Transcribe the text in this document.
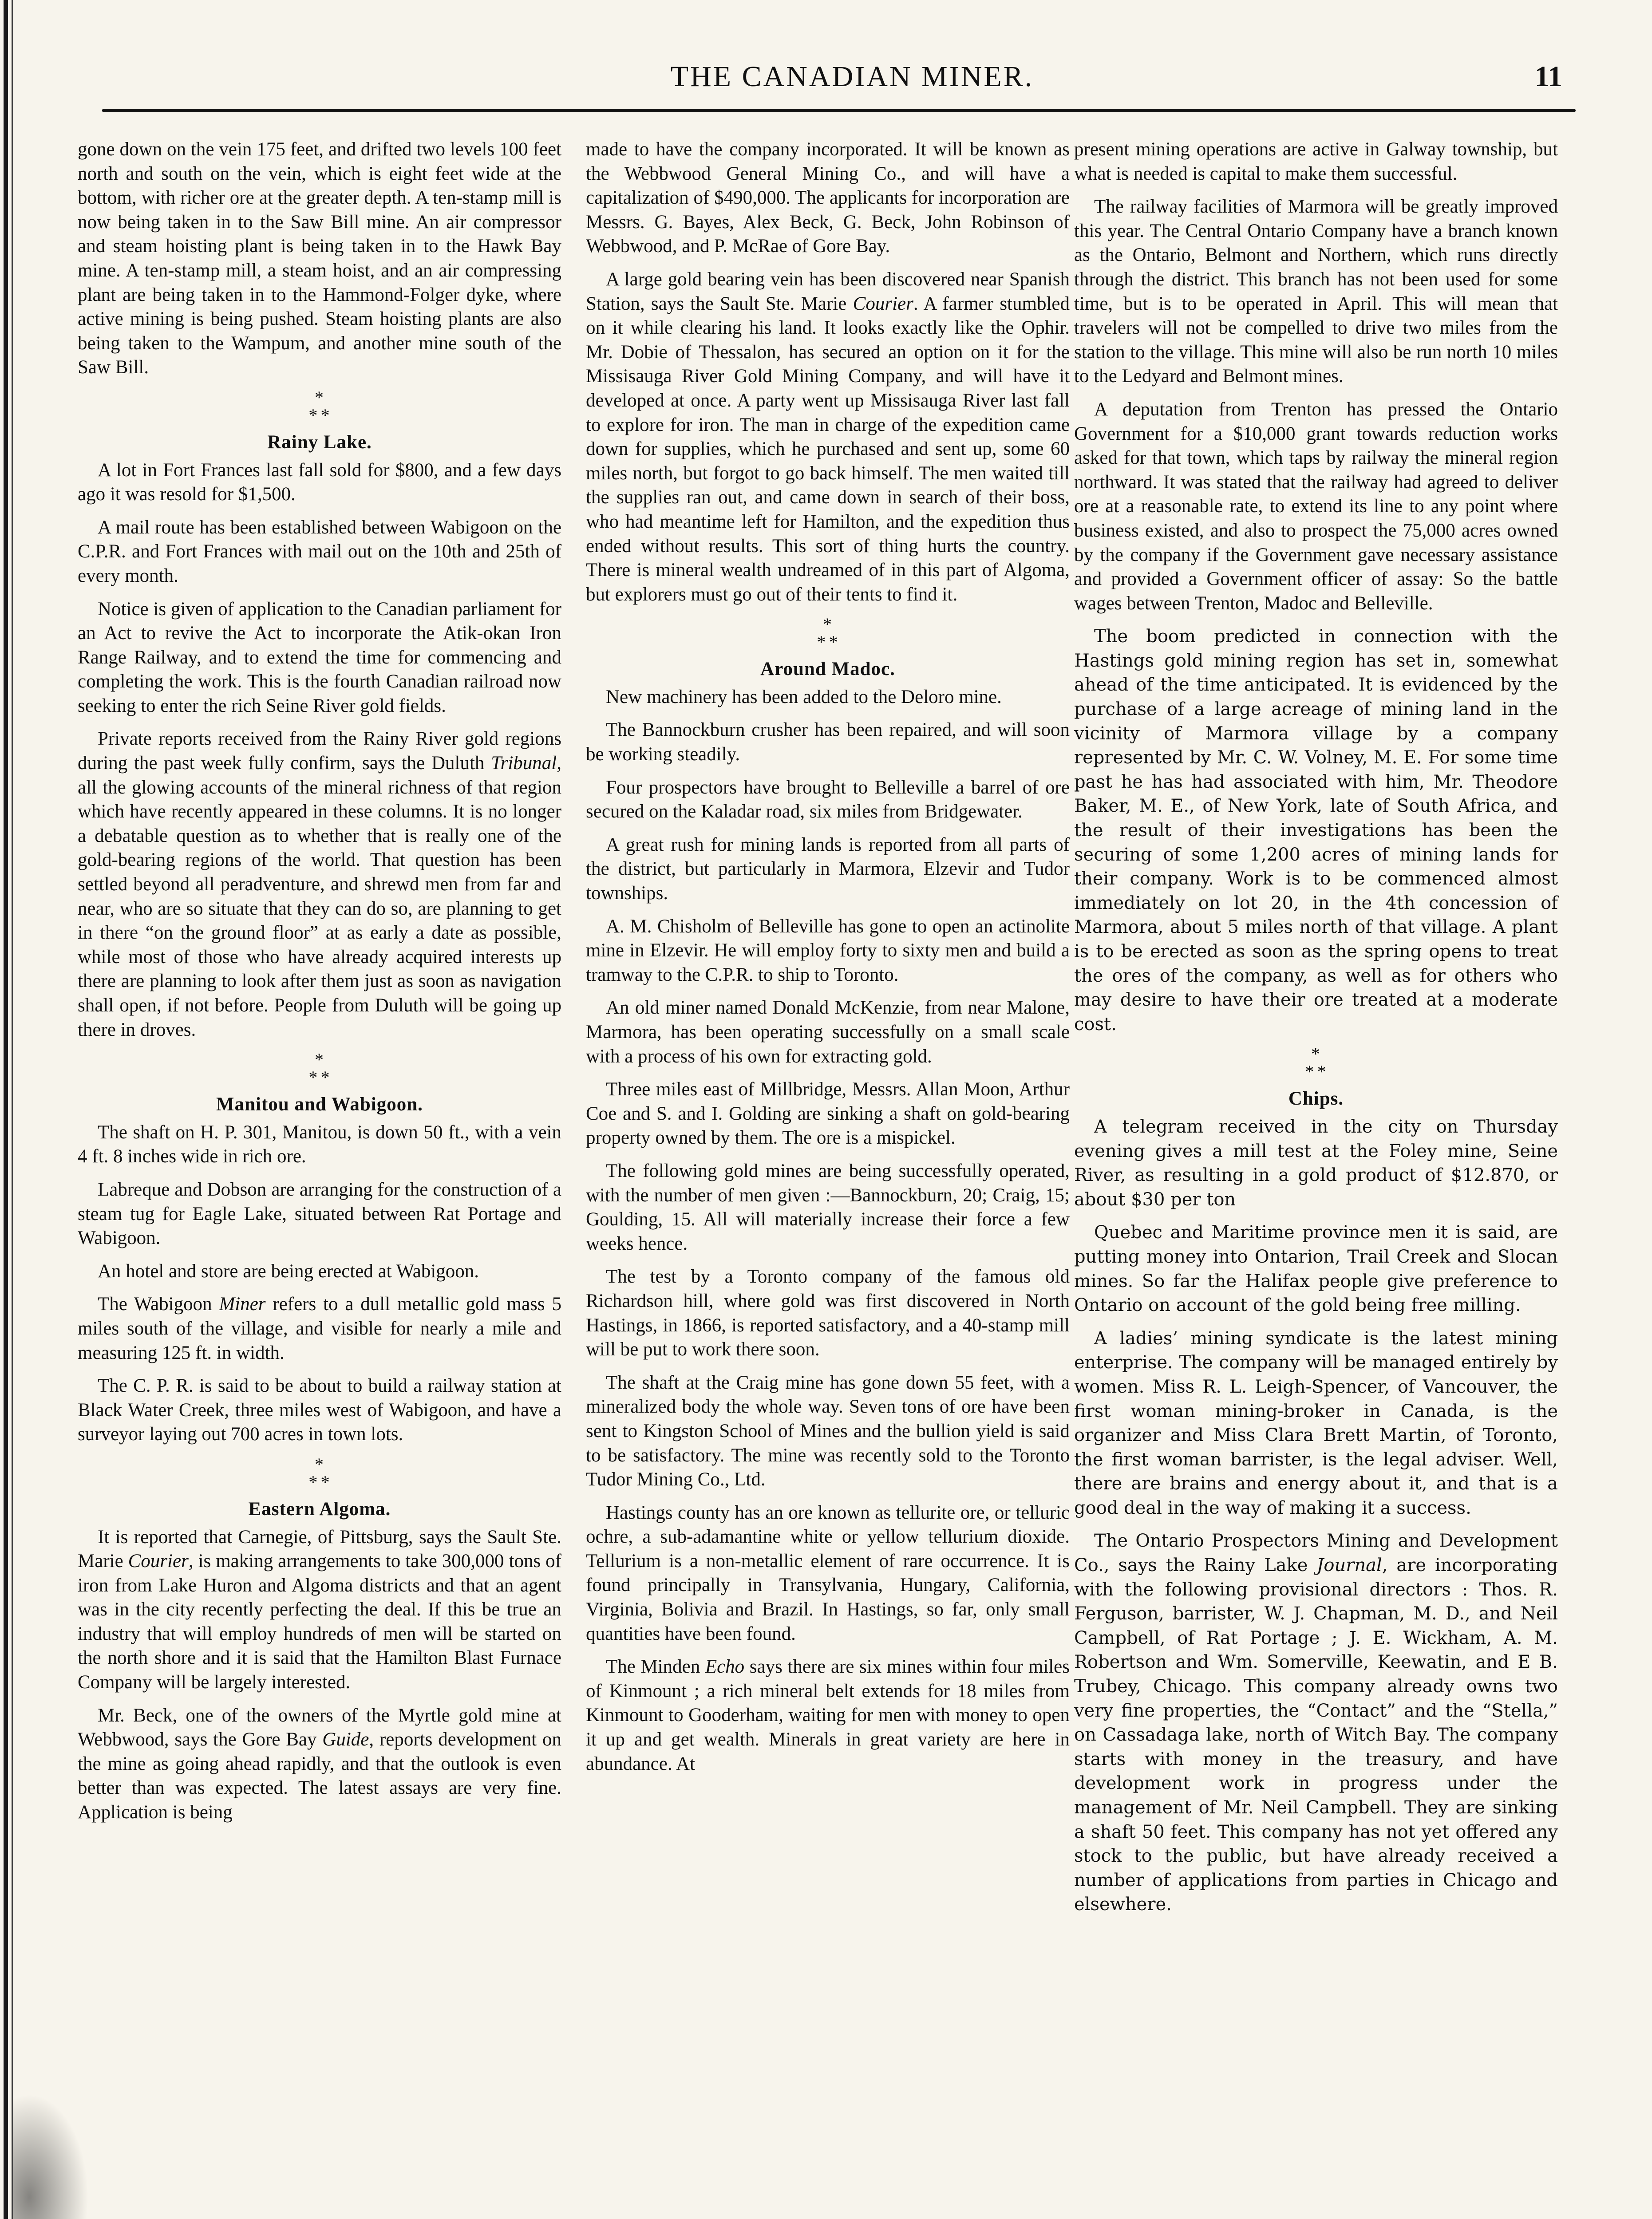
THE CANADIAN MINER.	11

gone down on the vein 175 feet, and drifted two levels 100 feet north and south on the vein, which is eight feet wide at the bottom, with richer ore at the greater depth. A ten-stamp mill is now being taken in to the Saw Bill mine. An air compressor and steam hoisting plant is being taken in to the Hawk Bay mine. A ten-stamp mill, a steam hoist, and an air compressing plant are being taken in to the Hammond-Folger dyke, where active mining is being pushed. Steam hoisting plants are also being taken to the Wampum, and another mine south of the Saw Bill.

*
*  *
Rainy Lake.

A lot in Fort Frances last fall sold for $800, and a few days ago it was resold for $1,500.

A mail route has been established between Wabigoon on the C.P.R. and Fort Frances with mail out on the 10th and 25th of every month.

Notice is given of application to the Canadian parliament for an Act to revive the Act to incorporate the Atik-okan Iron Range Railway, and to extend the time for commencing and completing the work. This is the fourth Canadian railroad now seeking to enter the rich Seine River gold fields.

Private reports received from the Rainy River gold regions during the past week fully confirm, says the Duluth Tribunal, all the glowing accounts of the mineral richness of that region which have recently appeared in these columns. It is no longer a debatable question as to whether that is really one of the gold-bearing regions of the world. That question has been settled beyond all peradventure, and shrewd men from far and near, who are so situate that they can do so, are planning to get in there “on the ground floor” at as early a date as possible, while most of those who have already acquired interests up there are planning to look after them just as soon as navigation shall open, if not before. People from Duluth will be going up there in droves.

*
*  *
Manitou and Wabigoon.

The shaft on H. P. 301, Manitou, is down 50 ft., with a vein 4 ft. 8 inches wide in rich ore.

Labreque and Dobson are arranging for the construction of a steam tug for Eagle Lake, situated between Rat Portage and Wabigoon.

An hotel and store are being erected at Wabigoon.

The Wabigoon Miner refers to a dull metallic gold mass 5 miles south of the village, and visible for nearly a mile and measuring 125 ft. in width.

The C. P. R. is said to be about to build a railway station at Black Water Creek, three miles west of Wabigoon, and have a surveyor laying out 700 acres in town lots.

*
*  *
Eastern Algoma.

It is reported that Carnegie, of Pittsburg, says the Sault Ste. Marie Courier, is making arrangements to take 300,000 tons of iron from Lake Huron and Algoma districts and that an agent was in the city recently perfecting the deal. If this be true an industry that will employ hundreds of men will be started on the north shore and it is said that the Hamilton Blast Furnace Company will be largely interested.

Mr. Beck, one of the owners of the Myrtle gold mine at Webbwood, says the Gore Bay Guide, reports development on the mine as going ahead rapidly, and that the outlook is even better than was expected. The latest assays are very fine. Application is being

made to have the company incorporated. It will be known as the Webbwood General Mining Co., and will have a capitalization of $490,000. The applicants for incorporation are Messrs. G. Bayes, Alex Beck, G. Beck, John Robinson of Webbwood, and P. McRae of Gore Bay.

A large gold bearing vein has been discovered near Spanish Station, says the Sault Ste. Marie Courier. A farmer stumbled on it while clearing his land. It looks exactly like the Ophir. Mr. Dobie of Thessalon, has secured an option on it for the Missisauga River Gold Mining Company, and will have it developed at once. A party went up Missisauga River last fall to explore for iron. The man in charge of the expedition came down for supplies, which he purchased and sent up, some 60 miles north, but forgot to go back himself. The men waited till the supplies ran out, and came down in search of their boss, who had meantime left for Hamilton, and the expedition thus ended without results. This sort of thing hurts the country. There is mineral wealth undreamed of in this part of Algoma, but explorers must go out of their tents to find it.

*
*  *
Around Madoc.

New machinery has been added to the Deloro mine.

The Bannockburn crusher has been repaired, and will soon be working steadily.

Four prospectors have brought to Belleville a barrel of ore secured on the Kaladar road, six miles from Bridgewater.

A great rush for mining lands is reported from all parts of the district, but particularly in Marmora, Elzevir and Tudor townships.

A. M. Chisholm of Belleville has gone to open an actinolite mine in Elzevir. He will employ forty to sixty men and build a tramway to the C.P.R. to ship to Toronto.

An old miner named Donald McKenzie, from near Malone, Marmora, has been operating successfully on a small scale with a process of his own for extracting gold.

Three miles east of Millbridge, Messrs. Allan Moon, Arthur Coe and S. and I. Golding are sinking a shaft on gold-bearing property owned by them. The ore is a mispickel.

The following gold mines are being successfully operated, with the number of men given :—Bannockburn, 20; Craig, 15; Goulding, 15. All will materially increase their force a few weeks hence.

The test by a Toronto company of the famous old Richardson hill, where gold was first discovered in North Hastings, in 1866, is reported satisfactory, and a 40-stamp mill will be put to work there soon.

The shaft at the Craig mine has gone down 55 feet, with a mineralized body the whole way. Seven tons of ore have been sent to Kingston School of Mines and the bullion yield is said to be satisfactory. The mine was recently sold to the Toronto Tudor Mining Co., Ltd.

Hastings county has an ore known as tellurite ore, or telluric ochre, a sub-adamantine white or yellow tellurium dioxide. Tellurium is a non-metallic element of rare occurrence. It is found principally in Transylvania, Hungary, California, Virginia, Bolivia and Brazil. In Hastings, so far, only small quantities have been found.

The Minden Echo says there are six mines within four miles of Kinmount ; a rich mineral belt extends for 18 miles from Kinmount to Gooderham, waiting for men with money to open it up and get wealth. Minerals in great variety are here in abundance. At

present mining operations are active in Galway township, but what is needed is capital to make them successful.

The railway facilities of Marmora will be greatly improved this year. The Central Ontario Company have a branch known as the Ontario, Belmont and Northern, which runs directly through the district. This branch has not been used for some time, but is to be operated in April. This will mean that travelers will not be compelled to drive two miles from the station to the village. This mine will also be run north 10 miles to the Ledyard and Belmont mines.

A deputation from Trenton has pressed the Ontario Government for a $10,000 grant towards reduction works asked for that town, which taps by railway the mineral region northward. It was stated that the railway had agreed to deliver ore at a reasonable rate, to extend its line to any point where business existed, and also to prospect the 75,000 acres owned by the company if the Government gave necessary assistance and provided a Government officer of assay: So the battle wages between Trenton, Madoc and Belleville.

The boom predicted in connection with the Hastings gold mining region has set in, somewhat ahead of the time anticipated. It is evidenced by the purchase of a large acreage of mining land in the vicinity of Marmora village by a company represented by Mr. C. W. Volney, M. E. For some time past he has had associated with him, Mr. Theodore Baker, M. E., of New York, late of South Africa, and the result of their investigations has been the securing of some 1,200 acres of mining lands for their company. Work is to be commenced almost immediately on lot 20, in the 4th concession of Marmora, about 5 miles north of that village. A plant is to be erected as soon as the spring opens to treat the ores of the company, as well as for others who may desire to have their ore treated at a moderate cost.

*
*  *
Chips.

A telegram received in the city on Thursday evening gives a mill test at the Foley mine, Seine River, as resulting in a gold product of $12.870, or about $30 per ton

Quebec and Maritime province men it is said, are putting money into Ontarion, Trail Creek and Slocan mines. So far the Halifax people give preference to Ontario on account of the gold being free milling.

A ladies’ mining syndicate is the latest mining enterprise. The company will be managed entirely by women. Miss R. L. Leigh-Spencer, of Vancouver, the first woman mining-broker in Canada, is the organizer and Miss Clara Brett Martin, of Toronto, the first woman barrister, is the legal adviser. Well, there are brains and energy about it, and that is a good deal in the way of making it a success.

The Ontario Prospectors Mining and Development Co., says the Rainy Lake Journal, are incorporating with the following provisional directors : Thos. R. Ferguson, barrister, W. J. Chapman, M. D., and Neil Campbell, of Rat Portage ; J. E. Wickham, A. M. Robertson and Wm. Somerville, Keewatin, and E B. Trubey, Chicago. This company already owns two very fine properties, the “Contact” and the “Stella,” on Cassadaga lake, north of Witch Bay. The company starts with money in the treasury, and have development work in progress under the management of Mr. Neil Campbell. They are sinking a shaft 50 feet. This company has not yet offered any stock to the public, but have already received a number of applications from parties in Chicago and elsewhere.
